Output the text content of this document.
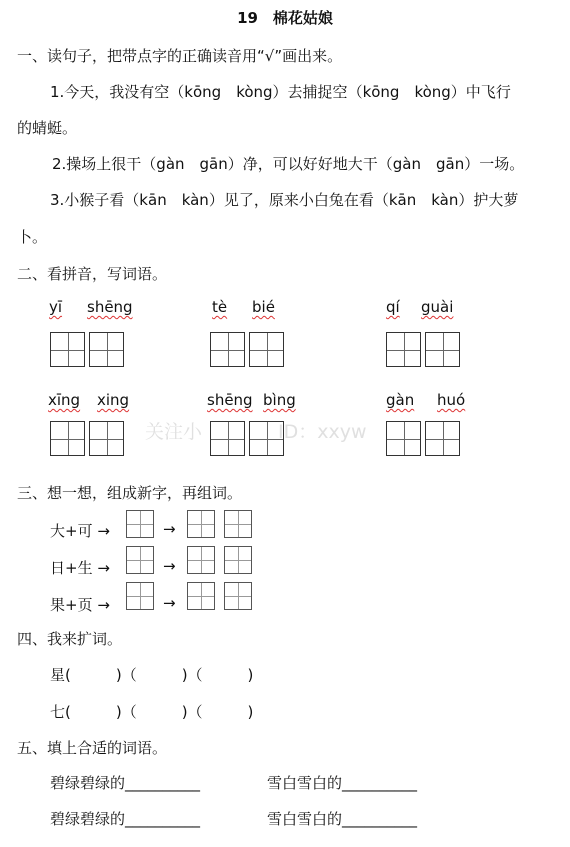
19　棉花姑娘
一、读句子，把带点字的正确读音用“√”画出来。
1.今天，我没有空（kōng　kòng）去捕捉空（kōng　kòng）中飞行
的蜻蜓。
2.操场上很干（gàn　gān）净，可以好好地大干（gàn　gān）一场。
3.小猴子看（kān　kàn）见了，原来小白兔在看（kān　kàn）护大萝
卜。
二、看拼音，写词语。
关注小　　　　ID：xxyw
yī shēng	tè bié	qí guài
xīng xing	shēng bìng	gàn huó
三、想一想，组成新字，再组词。
大+可 →	→
日+生 →	→
果+页 →	→
四、我来扩词。
星(　　　)（　　　)（　　　)
七(　　　)（　　　)（　　　)
五、填上合适的词语。
碧绿碧绿的__________	雪白雪白的__________
碧绿碧绿的__________	雪白雪白的__________
